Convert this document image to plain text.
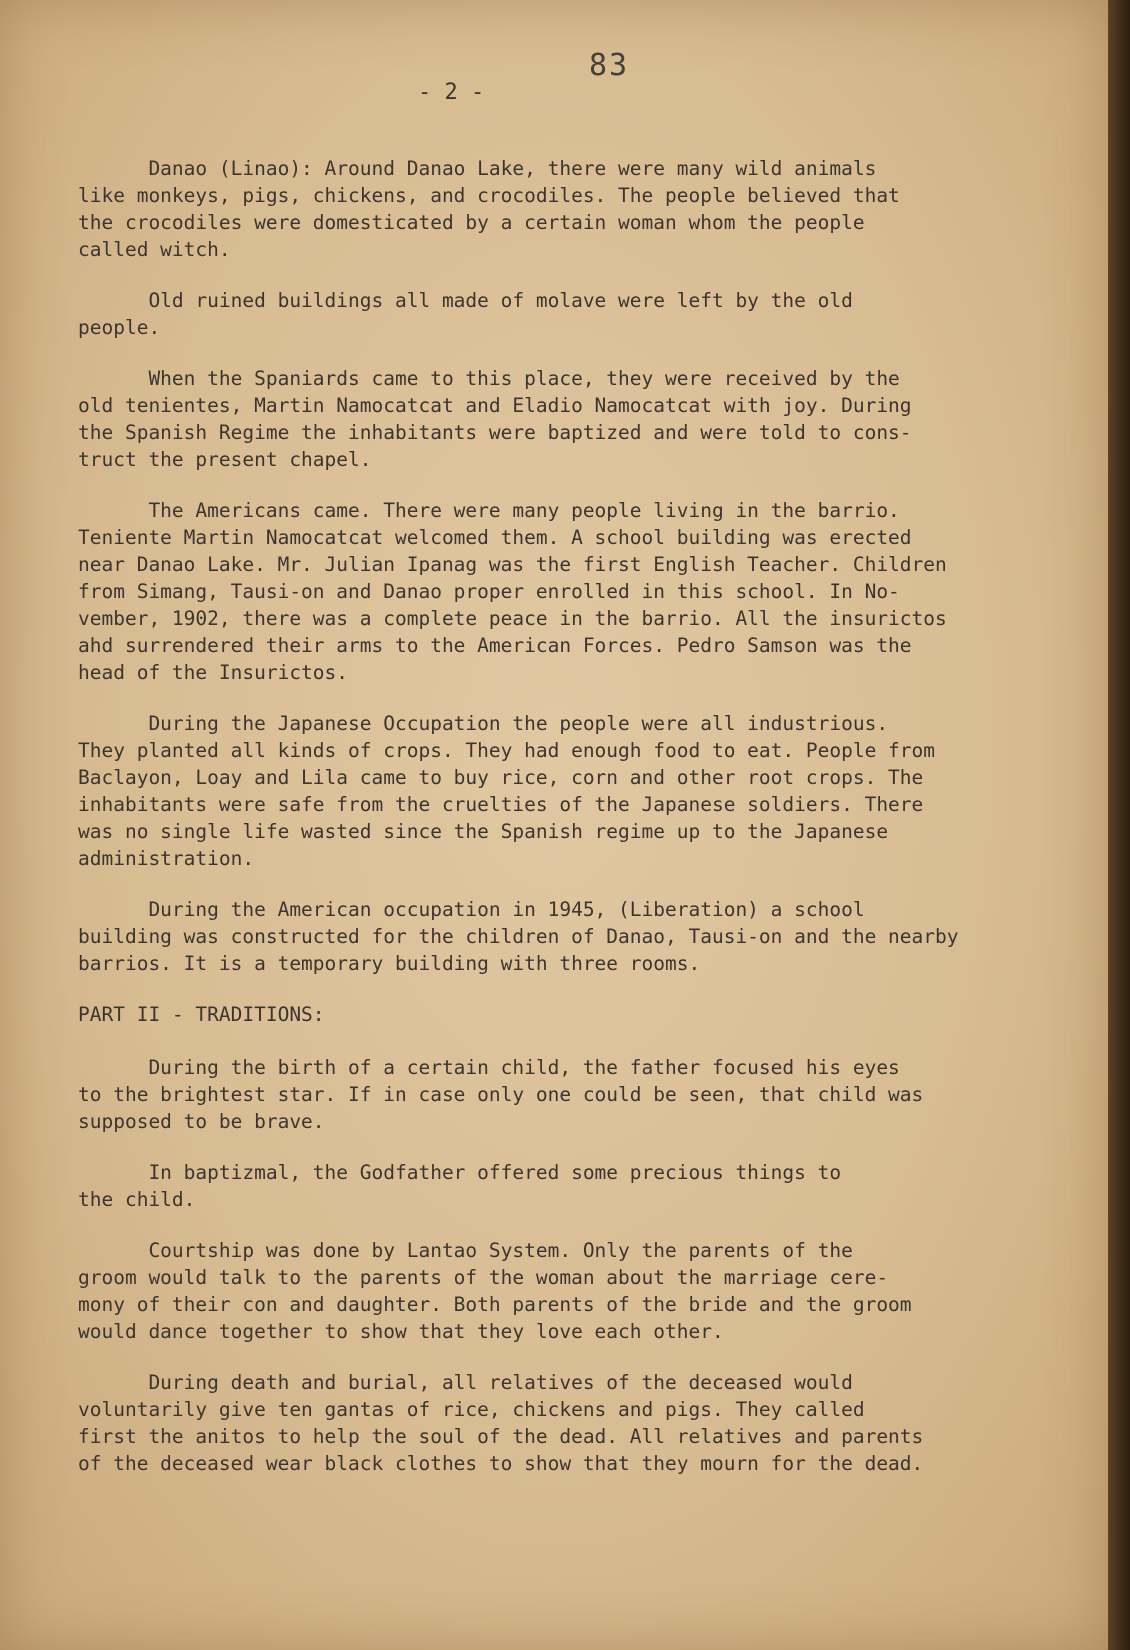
83
- 2 -
Danao (Linao): Around Danao Lake, there were many wild animals
like monkeys, pigs, chickens, and crocodiles. The people believed that
the crocodiles were domesticated by a certain woman whom the people
called witch.
Old ruined buildings all made of molave were left by the old
people.
When the Spaniards came to this place, they were received by the
old tenientes, Martin Namocatcat and Eladio Namocatcat with joy. During
the Spanish Regime the inhabitants were baptized and were told to cons-
truct the present chapel.
The Americans came. There were many people living in the barrio.
Teniente Martin Namocatcat welcomed them. A school building was erected
near Danao Lake. Mr. Julian Ipanag was the first English Teacher. Children
from Simang, Tausi-on and Danao proper enrolled in this school. In No-
vember, 1902, there was a complete peace in the barrio. All the insurictos
ahd surrendered their arms to the American Forces. Pedro Samson was the
head of the Insurictos.
During the Japanese Occupation the people were all industrious.
They planted all kinds of crops. They had enough food to eat. People from
Baclayon, Loay and Lila came to buy rice, corn and other root crops. The
inhabitants were safe from the cruelties of the Japanese soldiers. There
was no single life wasted since the Spanish regime up to the Japanese
administration.
During the American occupation in 1945, (Liberation) a school
building was constructed for the children of Danao, Tausi-on and the nearby
barrios. It is a temporary building with three rooms.
PART II - TRADITIONS:
During the birth of a certain child, the father focused his eyes
to the brightest star. If in case only one could be seen, that child was
supposed to be brave.
In baptizmal, the Godfather offered some precious things to
the child.
Courtship was done by Lantao System. Only the parents of the
groom would talk to the parents of the woman about the marriage cere-
mony of their con and daughter. Both parents of the bride and the groom
would dance together to show that they love each other.
During death and burial, all relatives of the deceased would
voluntarily give ten gantas of rice, chickens and pigs. They called
first the anitos to help the soul of the dead. All relatives and parents
of the deceased wear black clothes to show that they mourn for the dead.
